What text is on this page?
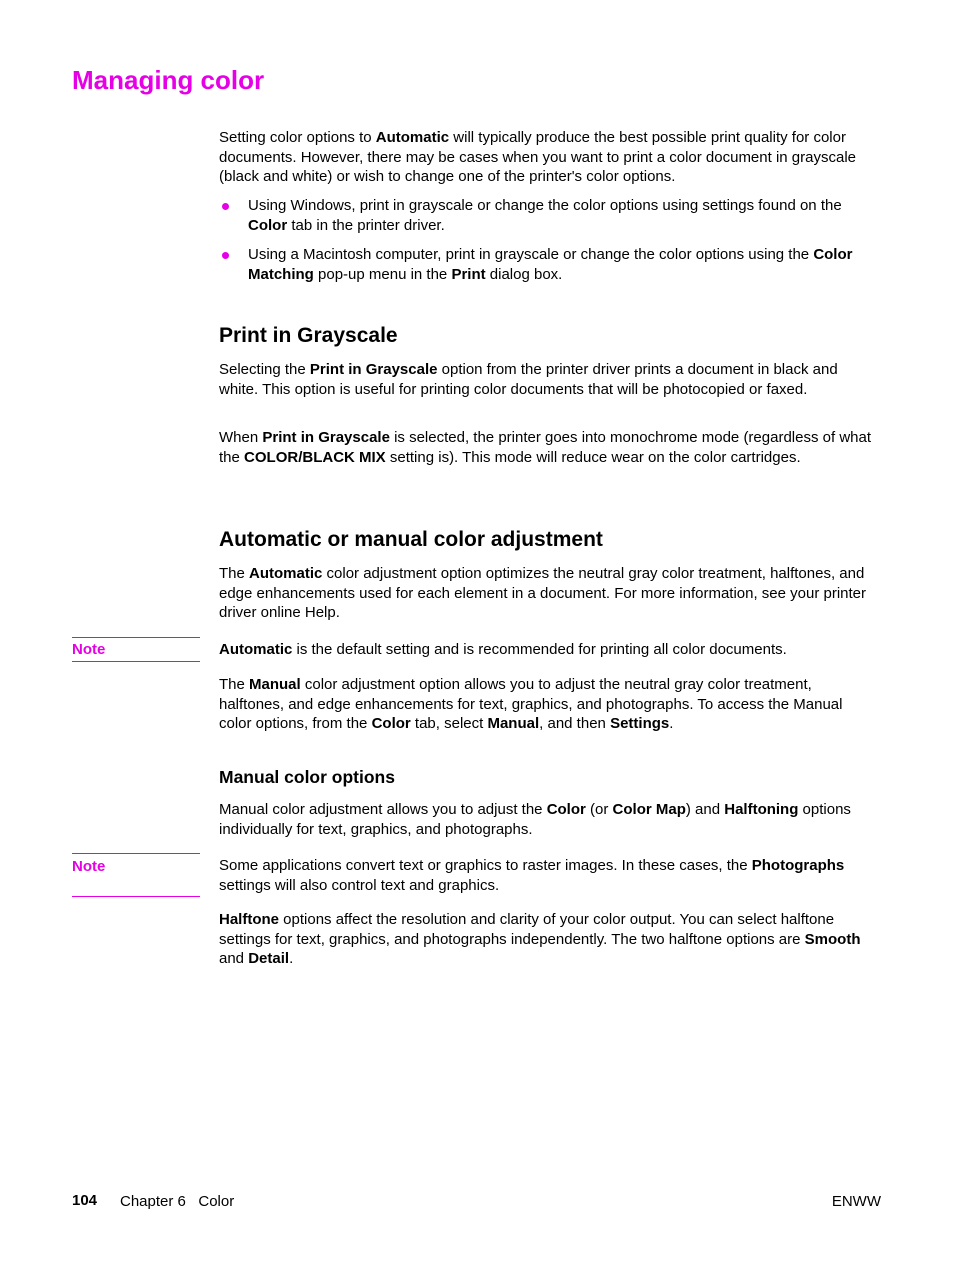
Managing color

Setting color options to Automatic will typically produce the best possible print quality for color documents. However, there may be cases when you want to print a color document in grayscale (black and white) or wish to change one of the printer's color options.

Using Windows, print in grayscale or change the color options using settings found on the Color tab in the printer driver.
Using a Macintosh computer, print in grayscale or change the color options using the Color Matching pop-up menu in the Print dialog box.
Print in Grayscale

Selecting the Print in Grayscale option from the printer driver prints a document in black and white. This option is useful for printing color documents that will be photocopied or faxed.

When Print in Grayscale is selected, the printer goes into monochrome mode (regardless of what the COLOR/BLACK MIX setting is). This mode will reduce wear on the color cartridges.

Automatic or manual color adjustment

The Automatic color adjustment option optimizes the neutral gray color treatment, halftones, and edge enhancements used for each element in a document. For more information, see your printer driver online Help.

Note	Automatic is the default setting and is recommended for printing all color documents.

The Manual color adjustment option allows you to adjust the neutral gray color treatment, halftones, and edge enhancements for text, graphics, and photographs. To access the Manual color options, from the Color tab, select Manual, and then Settings.

Manual color options

Manual color adjustment allows you to adjust the Color (or Color Map) and Halftoning options individually for text, graphics, and photographs.

Note	Some applications convert text or graphics to raster images. In these cases, the Photographs settings will also control text and graphics.

Halftone options affect the resolution and clarity of your color output. You can select halftone settings for text, graphics, and photographs independently. The two halftone options are Smooth and Detail.

104 Chapter 6   Color	ENWW
